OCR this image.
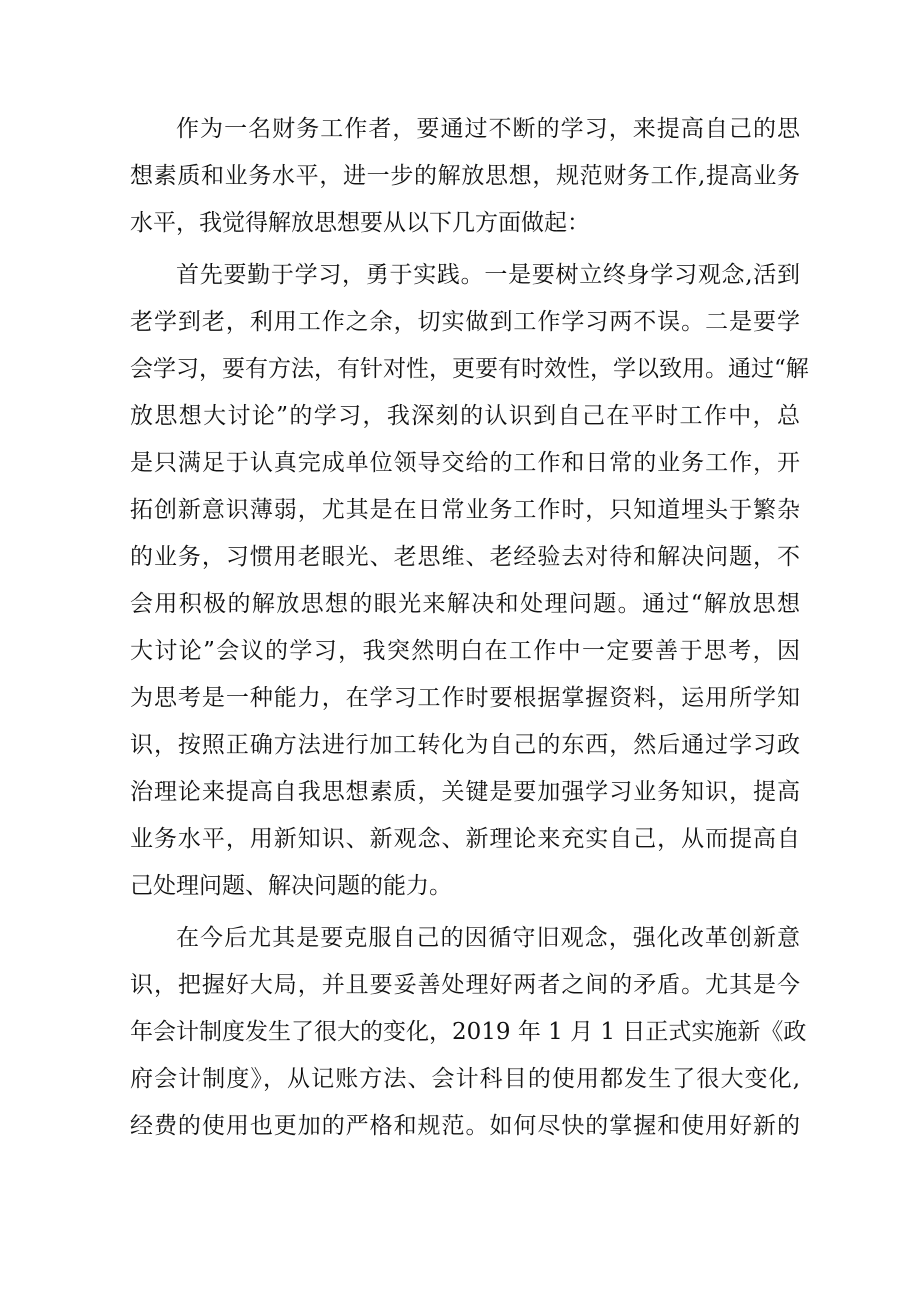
作为一名财务工作者，要通过不断的学习，来提高自己的思
想素质和业务水平，进一步的解放思想，规范财务工作,提高业务
水平，我觉得解放思想要从以下几方面做起：
首先要勤于学习，勇于实践。一是要树立终身学习观念,活到
老学到老，利用工作之余，切实做到工作学习两不误。二是要学
会学习，要有方法，有针对性，更要有时效性，学以致用。通过“解
放思想大讨论”的学习，我深刻的认识到自己在平时工作中，总
是只满足于认真完成单位领导交给的工作和日常的业务工作，开
拓创新意识薄弱，尤其是在日常业务工作时，只知道埋头于繁杂
的业务，习惯用老眼光、老思维、老经验去对待和解决问题，不
会用积极的解放思想的眼光来解决和处理问题。通过“解放思想
大讨论”会议的学习，我突然明白在工作中一定要善于思考，因
为思考是一种能力，在学习工作时要根据掌握资料，运用所学知
识，按照正确方法进行加工转化为自己的东西，然后通过学习政
治理论来提高自我思想素质，关键是要加强学习业务知识，提高
业务水平，用新知识、新观念、新理论来充实自己，从而提高自
己处理问题、解决问题的能力。
在今后尤其是要克服自己的因循守旧观念，强化改革创新意
识，把握好大局，并且要妥善处理好两者之间的矛盾。尤其是今
年会计制度发生了很大的变化，2019 年 1 月 1 日正式实施新《政
府会计制度》，从记账方法、会计科目的使用都发生了很大变化,
经费的使用也更加的严格和规范。如何尽快的掌握和使用好新的
